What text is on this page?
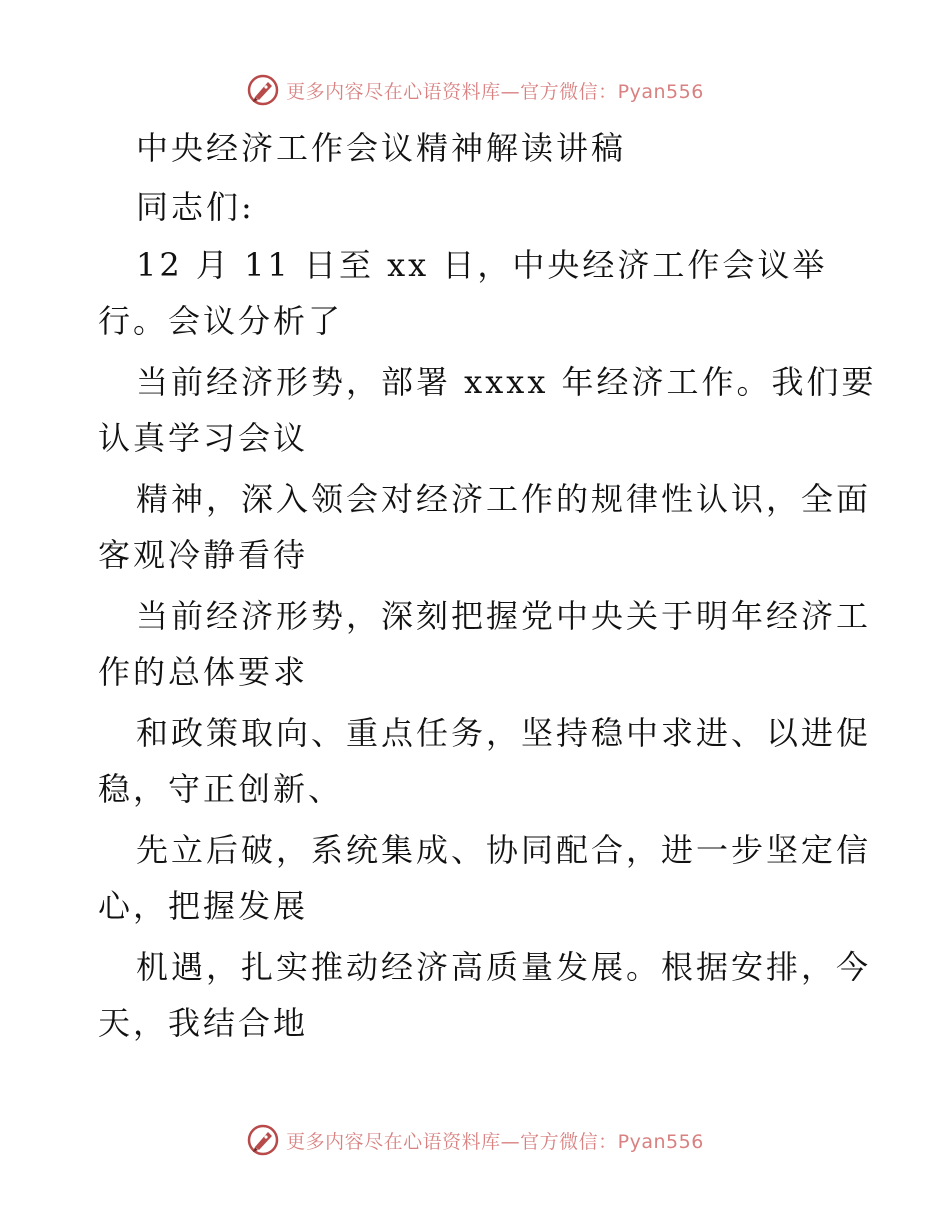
更多内容尽在心语资料库—官方微信：Pyan556
中央经济工作会议精神解读讲稿
同志们:
12 月 11 日至 xx 日，中央经济工作会议举
行。会议分析了
当前经济形势，部署 xxxx 年经济工作。我们要
认真学习会议
精神，深入领会对经济工作的规律性认识，全面
客观冷静看待
当前经济形势，深刻把握党中央关于明年经济工
作的总体要求
和政策取向、重点任务，坚持稳中求进、以进促
稳，守正创新、
先立后破，系统集成、协同配合，进一步坚定信
心，把握发展
机遇，扎实推动经济高质量发展。根据安排，今
天，我结合地
更多内容尽在心语资料库—官方微信：Pyan556
